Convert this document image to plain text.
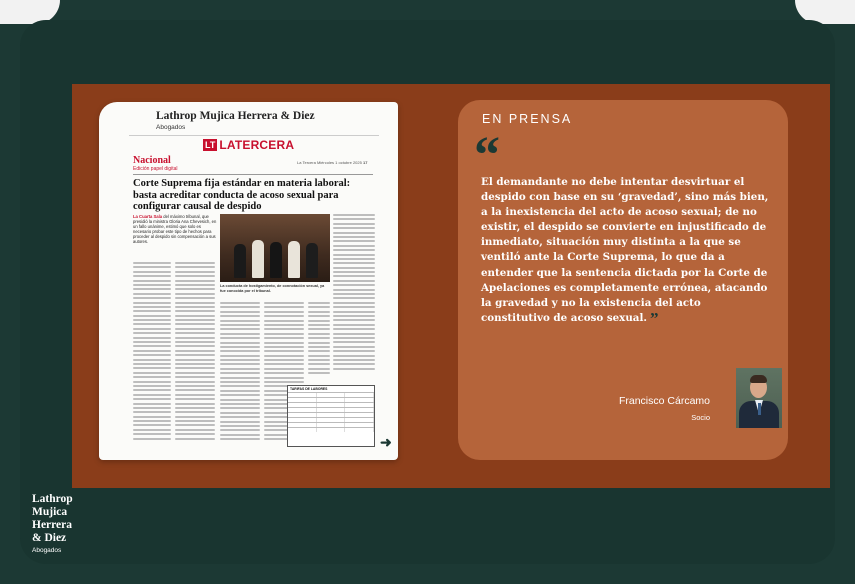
Lathrop Mujica Herrera & Diez
Abogados
LT LATERCERA
Nacional
Edición papel digital
La Tercera Miércoles 1 octubre 2025 17
Corte Suprema fija estándar en materia laboral: basta acreditar conducta de acoso sexual para configurar causal de despido
La Cuarta Sala del máximo tribunal, que presidió la ministra Gloria Ana Chevesich, en un fallo unánime, estimó que solo es necesario probar este tipo de hechos para proceder al despido sin compensación a sus autores.
La conducta de hostigamiento, de connotación sexual, ya fue conocida por el tribunal.
TARIFAS DE LABORES
➜
EN PRENSA
“
El demandante no debe intentar desvirtuar el despido con base en su ‘gravedad’, sino más bien, a la inexistencia del acto de acoso sexual; de no existir, el despido se convierte en injustificado de inmediato, situación muy distinta a la que se ventiló ante la Corte Suprema, lo que da a entender que la sentencia dictada por la Corte de Apelaciones es completamente errónea, atacando la gravedad y no la existencia del acto constitutivo de acoso sexual. ”
Francisco Cárcamo
Socio
Lathrop
Mujica
Herrera
& Diez
Abogados
